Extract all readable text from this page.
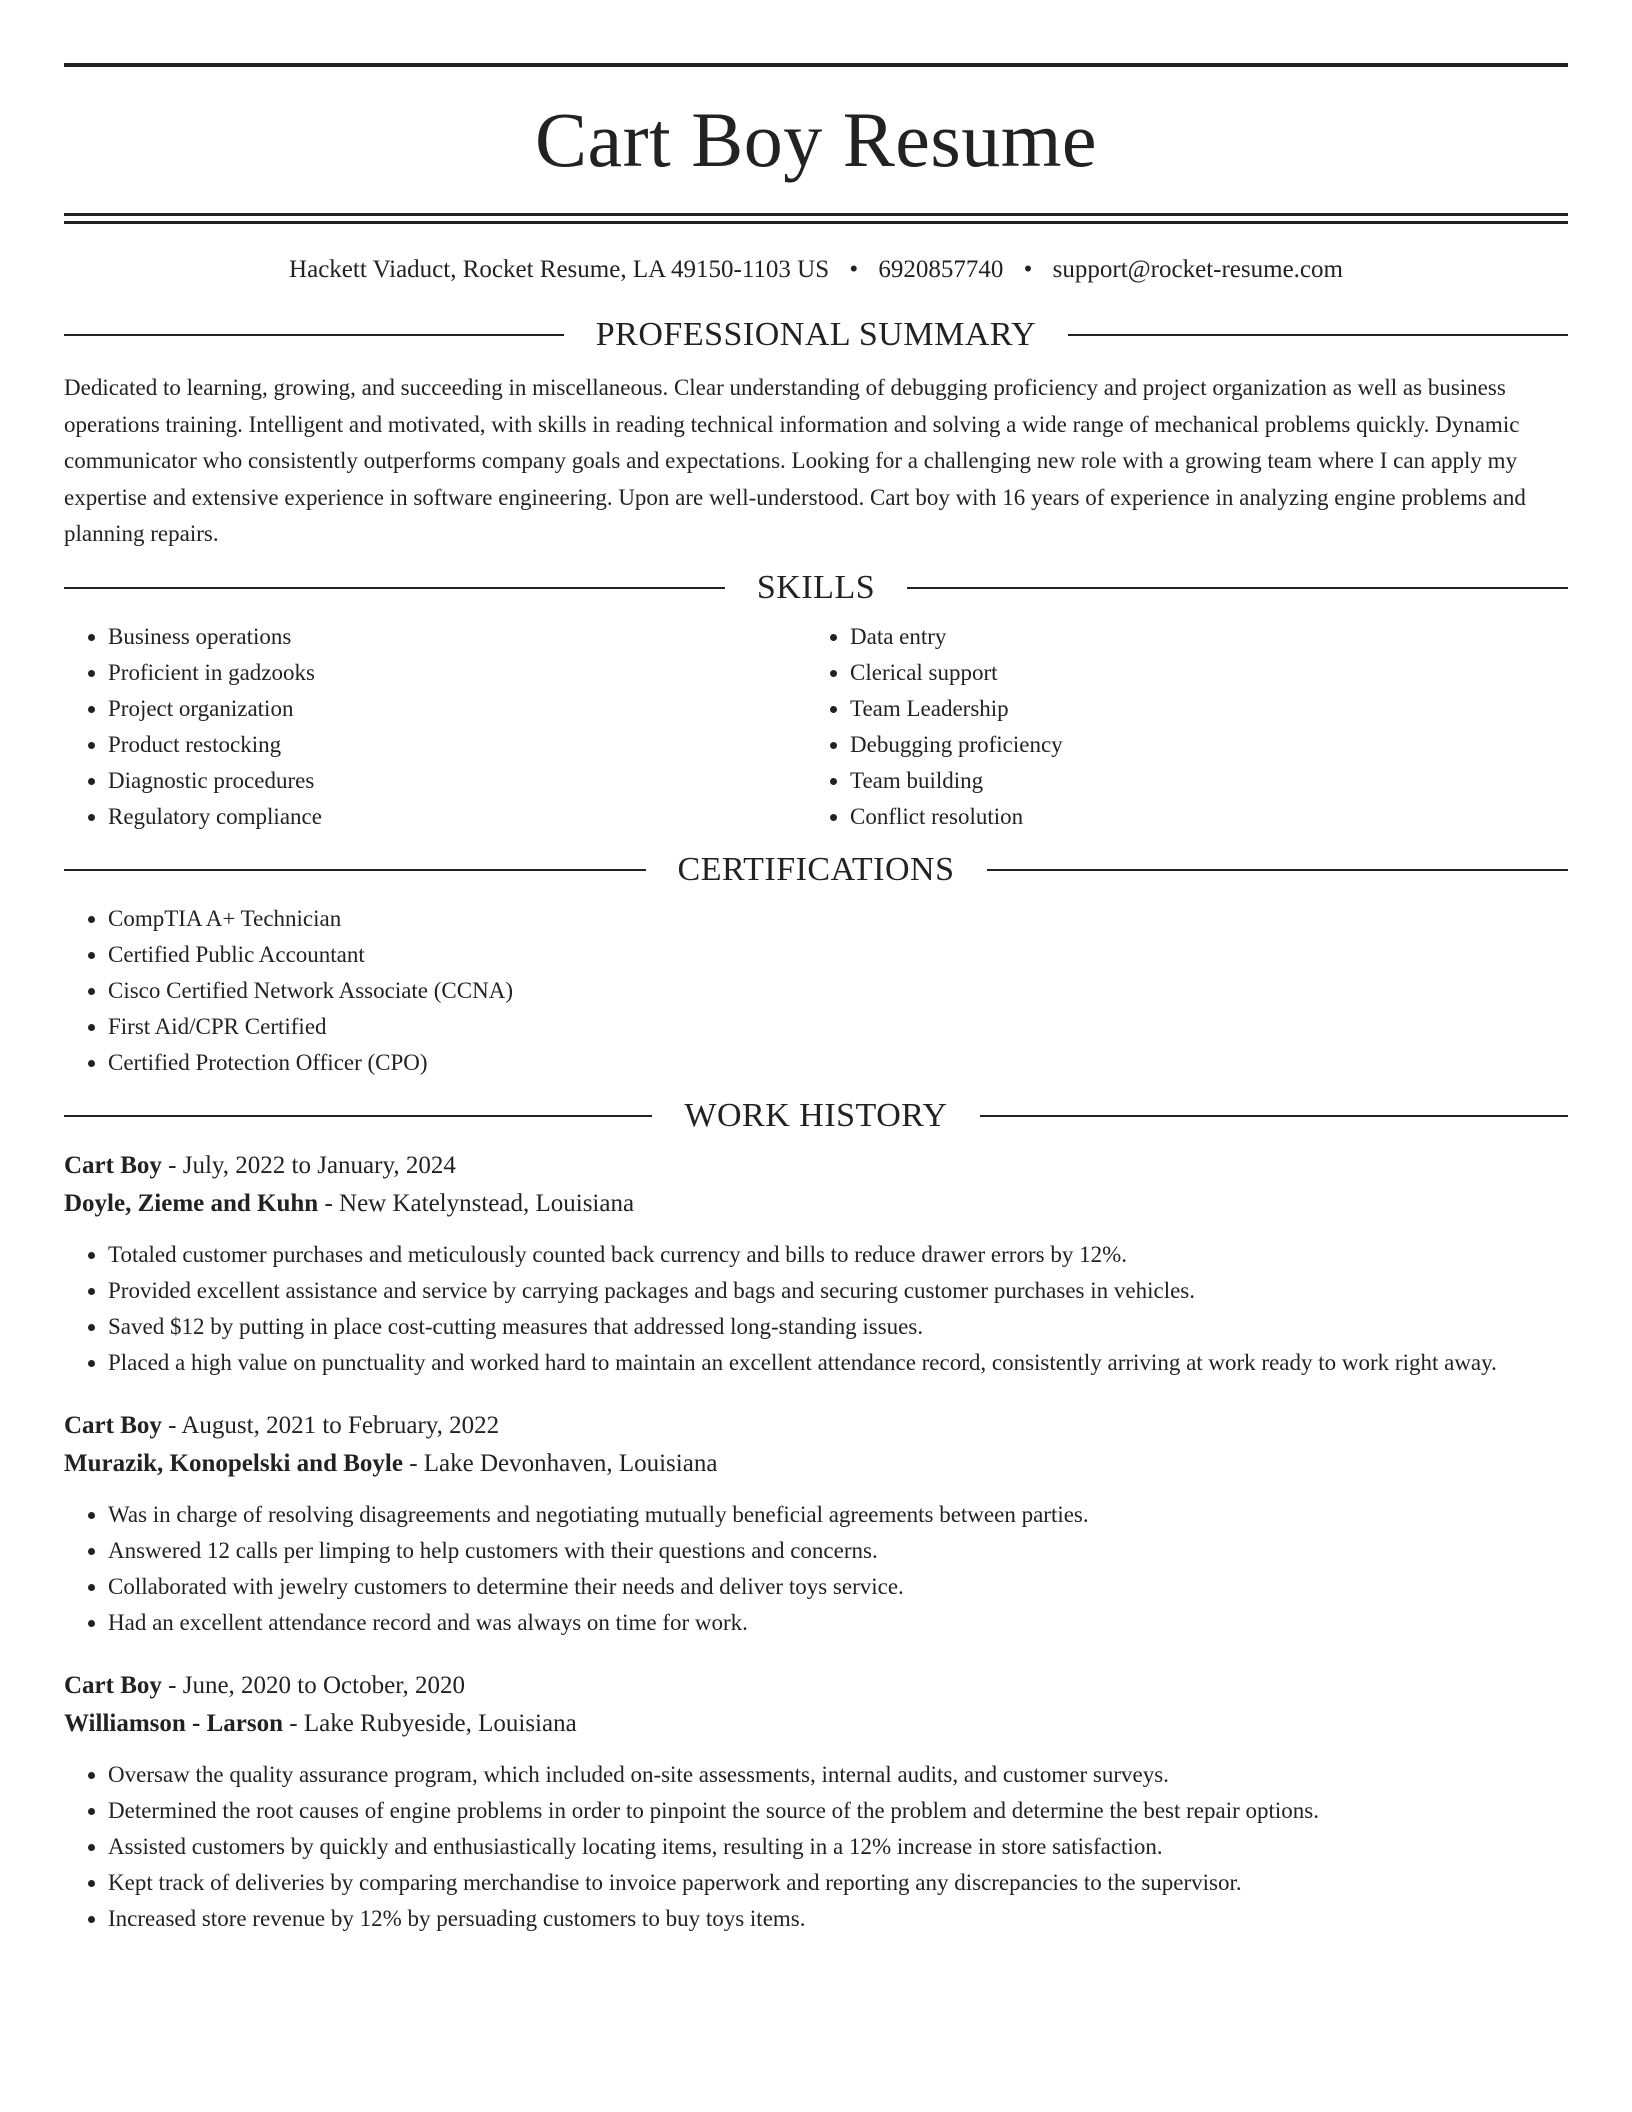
Cart Boy Resume
Hackett Viaduct, Rocket Resume, LA 49150-1103 US • 6920857740 • support@rocket-resume.com
PROFESSIONAL SUMMARY

Dedicated to learning, growing, and succeeding in miscellaneous. Clear understanding of debugging proficiency and project organization as well as business operations training. Intelligent and motivated, with skills in reading technical information and solving a wide range of mechanical problems quickly. Dynamic communicator who consistently outperforms company goals and expectations. Looking for a challenging new role with a growing team where I can apply my expertise and extensive experience in software engineering. Upon are well-understood. Cart boy with 16 years of experience in analyzing engine problems and planning repairs.

SKILLS
• Business operations
• Proficient in gadzooks
• Project organization
• Product restocking
• Diagnostic procedures
• Regulatory compliance
• Data entry
• Clerical support
• Team Leadership
• Debugging proficiency
• Team building
• Conflict resolution
CERTIFICATIONS
• CompTIA A+ Technician
• Certified Public Accountant
• Cisco Certified Network Associate (CCNA)
• First Aid/CPR Certified
• Certified Protection Officer (CPO)
WORK HISTORY
Cart Boy - July, 2022 to January, 2024
Doyle, Zieme and Kuhn - New Katelynstead, Louisiana
• Totaled customer purchases and meticulously counted back currency and bills to reduce drawer errors by 12%.
• Provided excellent assistance and service by carrying packages and bags and securing customer purchases in vehicles.
• Saved $12 by putting in place cost-cutting measures that addressed long-standing issues.
• Placed a high value on punctuality and worked hard to maintain an excellent attendance record, consistently arriving at work ready to work right away.
Cart Boy - August, 2021 to February, 2022
Murazik, Konopelski and Boyle - Lake Devonhaven, Louisiana
• Was in charge of resolving disagreements and negotiating mutually beneficial agreements between parties.
• Answered 12 calls per limping to help customers with their questions and concerns.
• Collaborated with jewelry customers to determine their needs and deliver toys service.
• Had an excellent attendance record and was always on time for work.
Cart Boy - June, 2020 to October, 2020
Williamson - Larson - Lake Rubyeside, Louisiana
• Oversaw the quality assurance program, which included on-site assessments, internal audits, and customer surveys.
• Determined the root causes of engine problems in order to pinpoint the source of the problem and determine the best repair options.
• Assisted customers by quickly and enthusiastically locating items, resulting in a 12% increase in store satisfaction.
• Kept track of deliveries by comparing merchandise to invoice paperwork and reporting any discrepancies to the supervisor.
• Increased store revenue by 12% by persuading customers to buy toys items.
